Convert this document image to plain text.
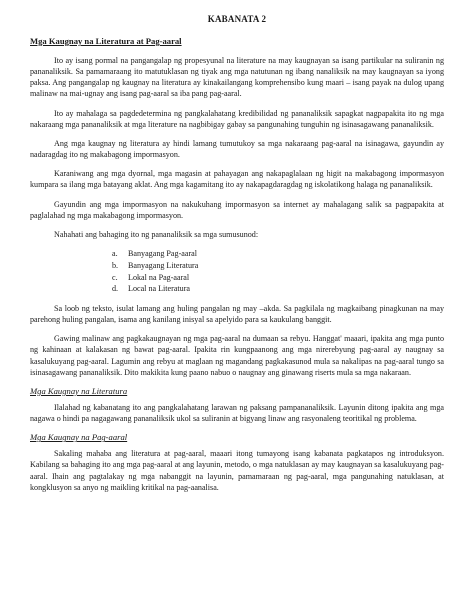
KABANATA 2
Mga Kaugnay na Literatura at Pag-aaral

Ito ay isang pormal na pangangalap ng propesyunal na literature na may kaugnayan sa isang partikular na suliranin ng pananaliksik. Sa pamamaraang ito matutuklasan ng tiyak ang mga natutunan ng ibang nanaliksik na may kaugnayan sa iyong paksa. Ang pangangalap ng kaugnay na literatura ay kinakailangang komprehensibo kung maari – isang payak na dulog upang malinaw na mai-ugnay ang isang pag-aaral sa iba pang pag-aaral.

Ito ay mahalaga sa pagdedetermina ng pangkalahatang kredibilidad ng pananaliksik sapagkat nagpapakita ito ng mga nakaraang mga pananaliksik at mga literature na nagbibigay gabay sa pangunahing tunguhin ng isinasagawang pananaliksik.

Ang mga kaugnay ng literatura ay hindi lamang tumutukoy sa mga nakaraang pag-aaral na isinagawa, gayundin ay nadaragdag ito ng makabagong impormasyon.

Karaniwang ang mga dyornal, mga magasin at pahayagan ang nakapaglalaan ng higit na makabagong impormasyon kumpara sa ilang mga batayang aklat. Ang mga kagamitang ito ay nakapagdaragdag ng iskolatikong halaga ng pananaliksik.

Gayundin ang mga impormasyon na nakukuhang impormasyon sa internet ay mahalagang salik sa pagpapakita at paglalahad ng mga makabagong impormasyon.

Nahahati ang bahaging ito ng pananaliksik sa mga sumusunod:

a.	Banyagang Pag-aaral
b.	Banyagang Literatura
c.	Lokal na Pag-aaral
d.	Local na Literatura

Sa loob ng teksto, isulat lamang ang huling pangalan ng may –akda. Sa pagkilala ng magkaibang pinagkunan na may parehong huling pangalan, isama ang kanilang inisyal sa apelyido para sa kaukulang banggit.

Gawing malinaw ang pagkakaugnayan ng mga pag-aaral na dumaan sa rebyu. Hanggat' maaari, ipakita ang mga punto ng kahinaan at kalakasan ng bawat pag-aaral. Ipakita rin kungpaanong ang mga nirerebyung pag-aaral ay naugnay sa kasalukuyang pag-aaral. Lagumin ang rebyu at maglaan ng magandang pagkakasunod mula sa nakalipas na pag-aaral tungo sa isinasagawang pananaliksik. Dito makikita kung paano nabuo o naugnay ang ginawang riserts mula sa mga nakaraan.

Mga Kaugnay na Literatura

Ilalahad ng kabanatang ito ang pangkalahatang larawan ng paksang pampananaliksik. Layunin ditong ipakita ang mga nagawa o hindi pa nagagawang pananaliksik ukol sa suliranin at bigyang linaw ang rasyonaleng teoritikal ng problema.

Mga Kaugnay na Pag-aaral

Sakaling mahaba ang literatura at pag-aaral, maaari itong tumayong isang kabanata pagkatapos ng introduksyon. Kabilang sa bahaging ito ang mga pag-aaral at ang layunin, metodo, o mga natuklasan ay may kaugnayan sa kasalukuyang pag-aaral. Ihain ang pagtalakay ng mga nabanggit na layunin, pamamaraan ng pag-aaral, mga pangunahing natuklasan, at kongklusyon sa anyo ng maikling kritikal na pag-aanalisa.
